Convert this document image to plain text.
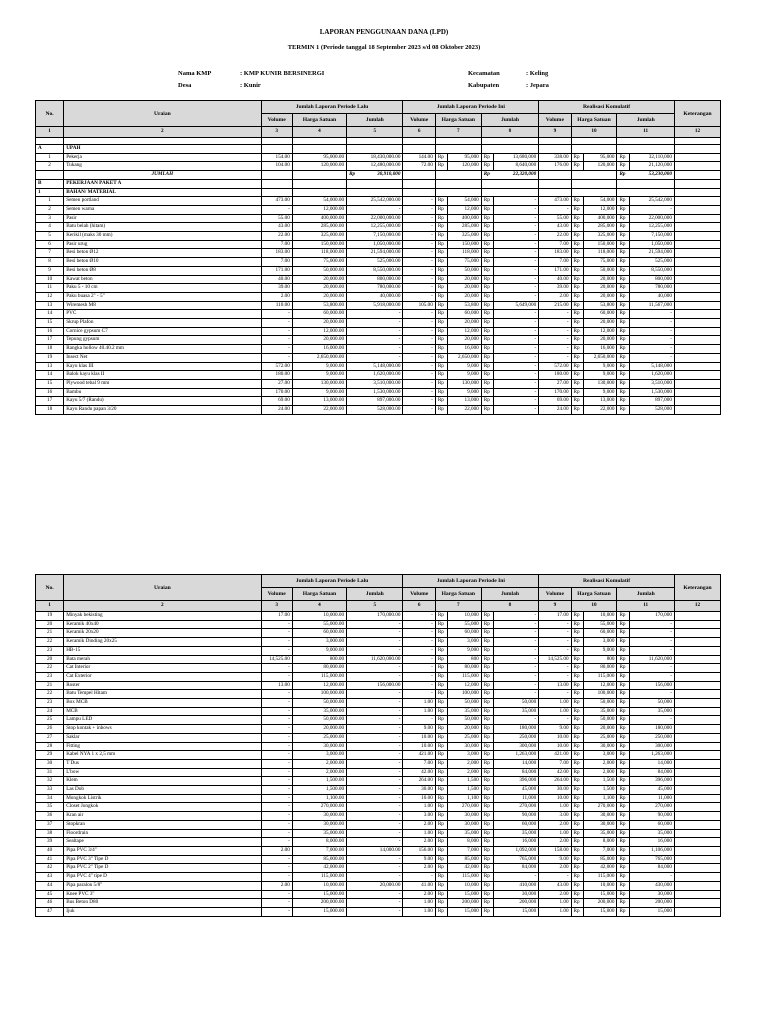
LAPORAN PENGGUNAAN DANA (LPD)
TERMIN 1 (Periode tanggal 18 September 2023 s/d 08 Oktober 2023)
Nama KMP	: KMP KUNIR BERSINERGI
Desa	: Kunir
Kecamatan	: Keling
Kabupaten	: Jepara
No.	Uraian	Jumlah Laporan Periode Lalu			Jumlah Laporan Periode Ini					Realisasi Komulatif					Keterangan
		Volume	Harga Satuan	Jumlah	Volume	Harga Satuan		Jumlah		Volume	Harga Satuan		Jumlah		
1	2	3	4	5	6	7		8		9	10		11		12

A	UPAH														
1	Pekerja	154.00	95,000.00	18,430,000.00	144.00	Rp	95,000	Rp	13,680,000	338.00	Rp	95,000	Rp	32,110,000	
2	Tukang	104.00	120,000.00	12,480,000.00	72.00	Rp	120,000	Rp	8,640,000	176.00	Rp	120,000	Rp	21,120,000	
	JUMLAH			Rp 30,910,000				Rp 22,320,000					Rp 53,230,000		

B	PEKERJAAN PAKET A														
1	BAHAN/ MATERIAL														
1	Semen portland	473.00	54,000.00	25,542,000.00	-	Rp	54,000	Rp	-	473.00	Rp	54,000	Rp	25,542,000	
2	Semen warna	-	12,000.00	-	-	Rp	12,000	Rp	-	-	Rp	12,000	Rp	-	
3	Pasir	55.00	400,000.00	22,000,000.00	-	Rp	400,000	Rp	-	55.00	Rp	400,000	Rp	22,000,000	
4	Batu belah (hitam)	43.00	285,000.00	12,255,000.00	-	Rp	285,000	Rp	-	43.00	Rp	285,000	Rp	12,255,000	
5	Kerikil (maks 30 mm)	22.00	325,000.00	7,150,000.00	-	Rp	325,000	Rp	-	22.00	Rp	325,000	Rp	7,150,000	
6	Pasir urug	7.00	150,000.00	1,050,000.00	-	Rp	150,000	Rp	-	7.00	Rp	150,000	Rp	1,050,000	
7	Besi beton Ø12	183.00	118,000.00	21,594,000.00	-	Rp	118,000	Rp	-	183.00	Rp	118,000	Rp	21,594,000	
8	Besi beton Ø10	7.00	75,000.00	525,000.00	-	Rp	75,000	Rp	-	7.00	Rp	75,000	Rp	525,000	
9	Besi beton Ø8	171.00	50,000.00	8,550,000.00	-	Rp	50,000	Rp	-	171.00	Rp	50,000	Rp	8,550,000	
10	Kawat beton	40.00	20,000.00	800,000.00	-	Rp	20,000	Rp	-	40.00	Rp	20,000	Rp	800,000	
11	Paku 5 - 10 cm	39.00	20,000.00	780,000.00	-	Rp	20,000	Rp	-	39.00	Rp	20,000	Rp	780,000	
12	Paku buasa 2" - 5"	2.00	20,000.00	40,000.00	-	Rp	20,000	Rp	-	2.00	Rp	20,000	Rp	40,000	
13	Wiremesh M8	110.00	53,800.00	5,918,000.00	105.00	Rp	53,800	Rp	5,649,000	215.00	Rp	53,800	Rp	11,567,000	
14	PVC	-	60,000.00	-	-	Rp	60,000	Rp	-	-	Rp	60,000	Rp	-	
15	Skrup Plafon	-	20,000.00	-	-	Rp	20,000	Rp	-	-	Rp	20,000	Rp	-	
16	Cornice gypsum C7	-	12,000.00	-	-	Rp	12,000	Rp	-	-	Rp	12,000	Rp	-	
17	Tepung gypsum	-	20,000.00	-	-	Rp	20,000	Rp	-	-	Rp	20,000	Rp	-	
18	Rangka hollow 40.40.2 mm	-	16,000.00	-	-	Rp	16,000	Rp	-	-	Rp	16,000	Rp	-	
19	Insect Net	-	2,650,000.00	-	-	Rp	2,650,000	Rp	-	-	Rp	2,650,000	Rp	-	
13	Kayu klas III	572.00	9,000.00	5,148,000.00	-	Rp	9,000	Rp	-	572.00	Rp	9,000	Rp	5,148,000	
14	Balok kayu klas II	180.00	9,000.00	1,620,000.00	-	Rp	9,000	Rp	-	180.00	Rp	9,000	Rp	1,620,000	
15	Plywood tebal 9 mm	27.00	130,000.00	3,510,000.00	-	Rp	130,000	Rp	-	27.00	Rp	130,000	Rp	3,510,000	
16	Bambu	170.00	9,000.00	1,530,000.00	-	Rp	9,000	Rp	-	170.00	Rp	9,000	Rp	1,530,000	
17	Kayu 5/7 (Randu)	69.00	13,000.00	897,000.00	-	Rp	13,000	Rp	-	69.00	Rp	13,000	Rp	897,000	
18	Kayu Randu papan 3/20	24.00	22,000.00	528,000.00	-	Rp	22,000	Rp	-	24.00	Rp	22,000	Rp	528,000	
No.	Uraian	Jumlah Laporan Periode Lalu			Jumlah Laporan Periode Ini					Realisasi Komulatif					Keterangan
		Volume	Harga Satuan	Jumlah	Volume	Harga Satuan		Jumlah		Volume	Harga Satuan		Jumlah		
1	2	3	4	5	6	7		8		9	10		11		12
19	Minyak bekisting	17.00	10,000.00	170,000.00	-	Rp	10,000	Rp	-	17.00	Rp	10,000	Rp	170,000	
20	Keramik 40x40	-	55,000.00	-	-	Rp	55,000	Rp	-	-	Rp	55,000	Rp	-	
21	Keramik 20x20	-	60,000.00	-	-	Rp	60,000	Rp	-	-	Rp	60,000	Rp	-	
22	Keramik Dinding 20x25	-	3,000.00	-	-	Rp	3,000	Rp	-	-	Rp	3,000	Rp	-	
23	HB-15	-	9,000.00	-	-	Rp	9,000	Rp	-	-	Rp	9,000	Rp	-	
20	Bata merah	14,525.00	800.00	11,620,000.00	-	Rp	800	Rp	-	14,525.00	Rp	800	Rp	11,620,000	
22	Cat Interior	-	80,000.00	-	-	Rp	80,000	Rp	-	-	Rp	80,000	Rp	-	
23	Cat Exterior	-	115,000.00	-	-	Rp	115,000	Rp	-	-	Rp	115,000	Rp	-	
21	Roster	13.00	12,000.00	156,000.00	-	Rp	12,000	Rp	-	13.00	Rp	12,000	Rp	156,000	
22	Batu Tempel Hitam	-	100,000.00	-	-	Rp	100,000	Rp	-	-	Rp	100,000	Rp	-	
23	Box MCB	-	50,000.00	-	1.00	Rp	50,000	Rp	50,000	1.00	Rp	50,000	Rp	50,000	
24	MCB	-	35,000.00	-	1.00	Rp	35,000	Rp	35,000	1.00	Rp	35,000	Rp	35,000	
25	Lampu LED	-	50,000.00	-	-	Rp	50,000	Rp	-	-	Rp	50,000	Rp	-	
26	Stop kontak + inbows	-	20,000.00	-	9.00	Rp	20,000	Rp	180,000	9.00	Rp	20,000	Rp	180,000	
27	Saklar	-	25,000.00	-	10.00	Rp	25,000	Rp	250,000	10.00	Rp	25,000	Rp	250,000	
28	Fitting	-	30,000.00	-	10.00	Rp	30,000	Rp	300,000	10.00	Rp	30,000	Rp	300,000	
29	Kabel NYA 1 x 2,5 mm	-	3,000.00	-	421.00	Rp	3,000	Rp	1,263,000	421.00	Rp	3,000	Rp	1,263,000	
30	T Dus	-	2,000.00	-	7.00	Rp	2,000	Rp	14,000	7.00	Rp	2,000	Rp	14,000	
31	L'bow	-	2,000.00	-	42.00	Rp	2,000	Rp	84,000	42.00	Rp	2,000	Rp	84,000	
32	Klem	-	1,500.00	-	264.00	Rp	1,500	Rp	396,000	264.00	Rp	1,500	Rp	396,000	
33	Las Dob	-	1,500.00	-	30.00	Rp	1,500	Rp	45,000	30.00	Rp	1,500	Rp	45,000	
34	Mongkok Listrik	-	1,100.00	-	10.00	Rp	1,100	Rp	11,000	10.00	Rp	1,100	Rp	11,000	
35	Closet Jongkok	-	270,000.00	-	1.00	Rp	270,000	Rp	270,000	1.00	Rp	270,000	Rp	270,000	
36	Kran air	-	30,000.00	-	3.00	Rp	30,000	Rp	90,000	3.00	Rp	30,000	Rp	90,000	
37	Stopkran	-	30,000.00	-	2.00	Rp	30,000	Rp	60,000	2.00	Rp	30,000	Rp	60,000	
38	Floordrain	-	35,000.00	-	1.00	Rp	35,000	Rp	35,000	1.00	Rp	35,000	Rp	35,000	
39	Sealtape	-	8,000.00	-	2.00	Rp	8,000	Rp	16,000	2.00	Rp	8,000	Rp	16,000	
40	Pipa PVC 3/4"	2.00	7,000.00	14,000.00	156.00	Rp	7,000	Rp	1,092,000	158.00	Rp	7,000	Rp	1,106,000	
41	Pipa PVC 3" Tipe D	-	85,000.00	-	9.00	Rp	85,000	Rp	765,000	9.00	Rp	85,000	Rp	765,000	
42	Pipa PVC 2" Tipe D	-	42,000.00	-	2.00	Rp	42,000	Rp	84,000	2.00	Rp	42,000	Rp	84,000	
43	Pipa PVC 4" tipe D	-	115,000.00	-	-	Rp	115,000	Rp	-	-	Rp	115,000	Rp	-	
44	Pipa paralon 5/8"	2.00	10,000.00	20,000.00	41.00	Rp	10,000	Rp	410,000	43.00	Rp	10,000	Rp	430,000	
45	Knee PVC 3"	-	15,000.00	-	2.00	Rp	15,000	Rp	30,000	2.00	Rp	15,000	Rp	30,000	
46	Bus Beton D80	-	200,000.00	-	1.00	Rp	200,000	Rp	200,000	1.00	Rp	200,000	Rp	200,000	
47	Ijuk	-	15,000.00	-	1.00	Rp	15,000	Rp	15,000	1.00	Rp	15,000	Rp	15,000	
